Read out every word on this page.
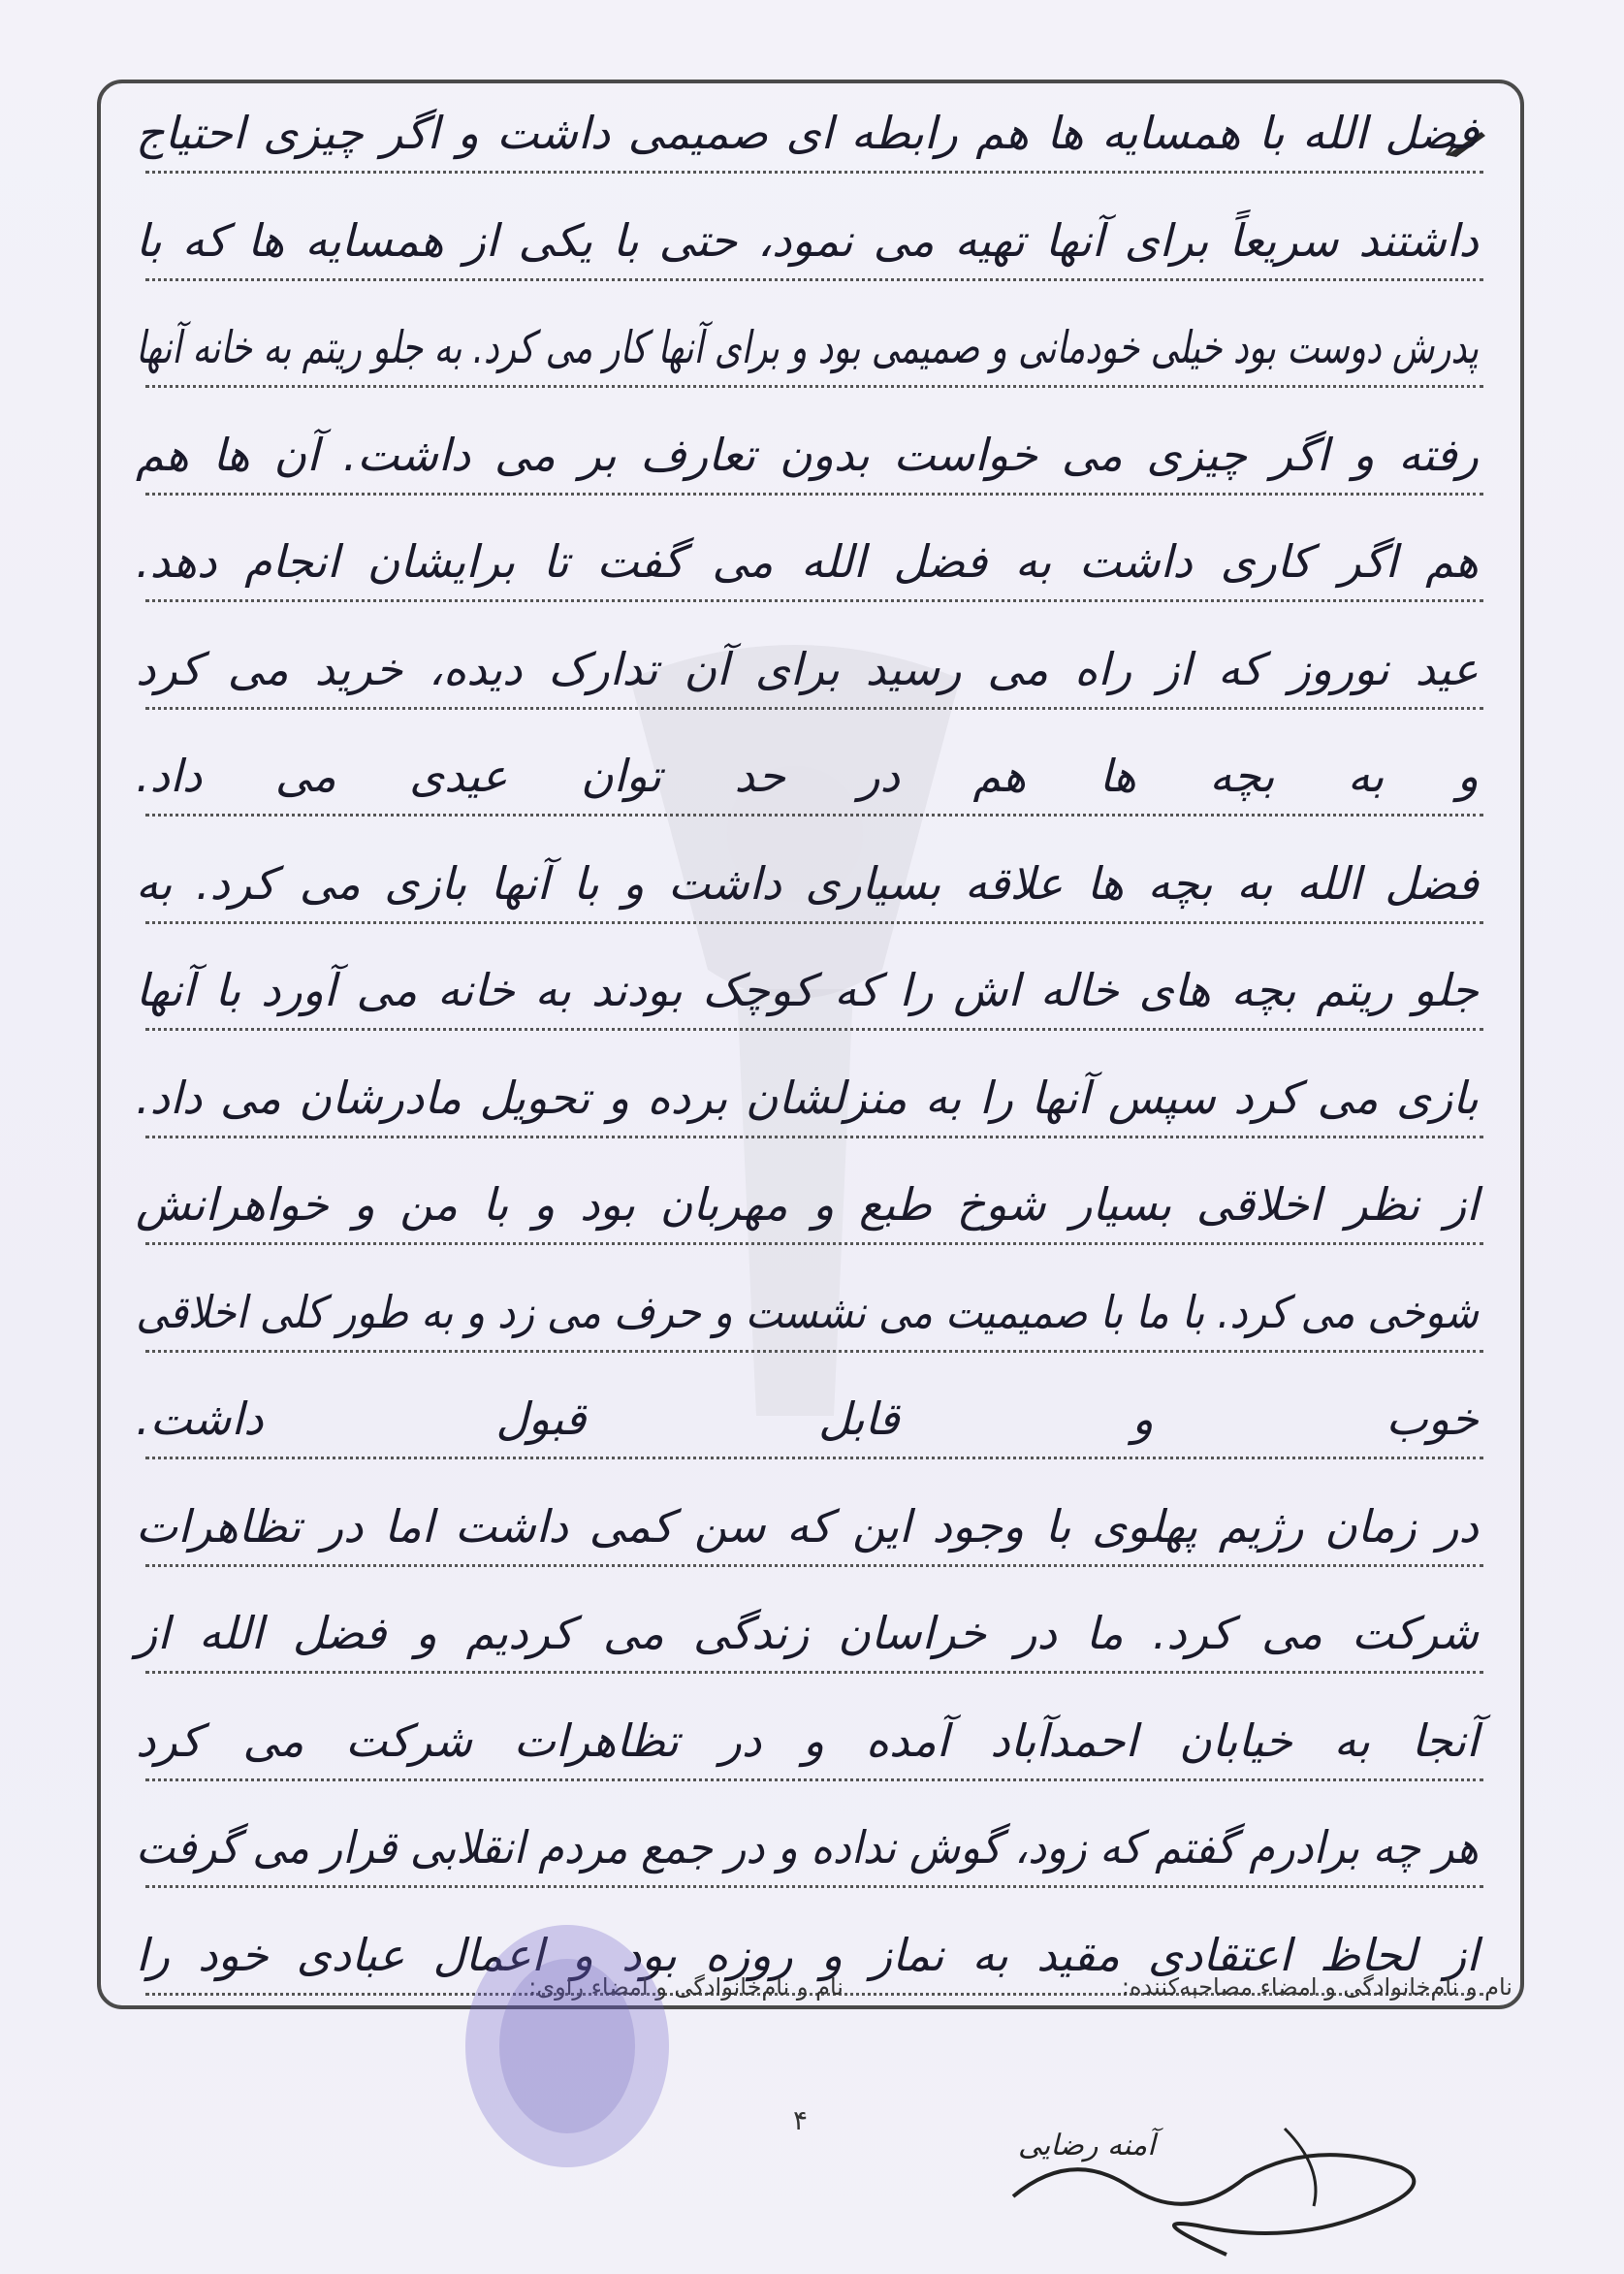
فضل الله با همسایه ها هم رابطه ای صمیمی داشت و اگر چیزی احتیاج
داشتند سریعاً برای آنها تهیه می نمود، حتی با یکی از همسایه ها که با
پدرش دوست بود خیلی خودمانی و صمیمی بود و برای آنها کار می کرد. به جلو ریتم به خانه آنها
رفته و اگر چیزی می خواست بدون تعارف بر می داشت. آن ها هم
هم اگر کاری داشت به فضل الله می گفت تا برایشان انجام دهد.
عید نوروز که از راه می رسید برای آن تدارک دیده، خرید می کرد
و به بچه ها هم در حد توان عیدی می داد.
فضل الله به بچه ها علاقه بسیاری داشت و با آنها بازی می کرد. به
جلو ریتم بچه های خاله اش را که کوچک بودند به خانه می آورد با آنها
بازی می کرد سپس آنها را به منزلشان برده و تحویل مادرشان می داد.
از نظر اخلاقی بسیار شوخ طبع و مهربان بود و با من و خواهرانش
شوخی می کرد. با ما با صمیمیت می نشست و حرف می زد و به طور کلی اخلاقی
خوب و قابل قبول داشت.
در زمان رژیم پهلوی با وجود این که سن کمی داشت اما در تظاهرات
شرکت می کرد. ما در خراسان زندگی می کردیم و فضل الله از
آنجا به خیابان احمدآباد آمده و در تظاهرات شرکت می کرد
هر چه برادرم گفتم که زود، گوش نداده و در جمع مردم انقلابی قرار می گرفت
از لحاظ اعتقادی مقید به نماز و روزه بود و اعمال عبادی خود را
نام و نام‌خانوادگی و امضاء مصاحبه‌کننده:
نام و نام‌خانوادگی و امضاء راوی:
۴
آمنه رضایی
